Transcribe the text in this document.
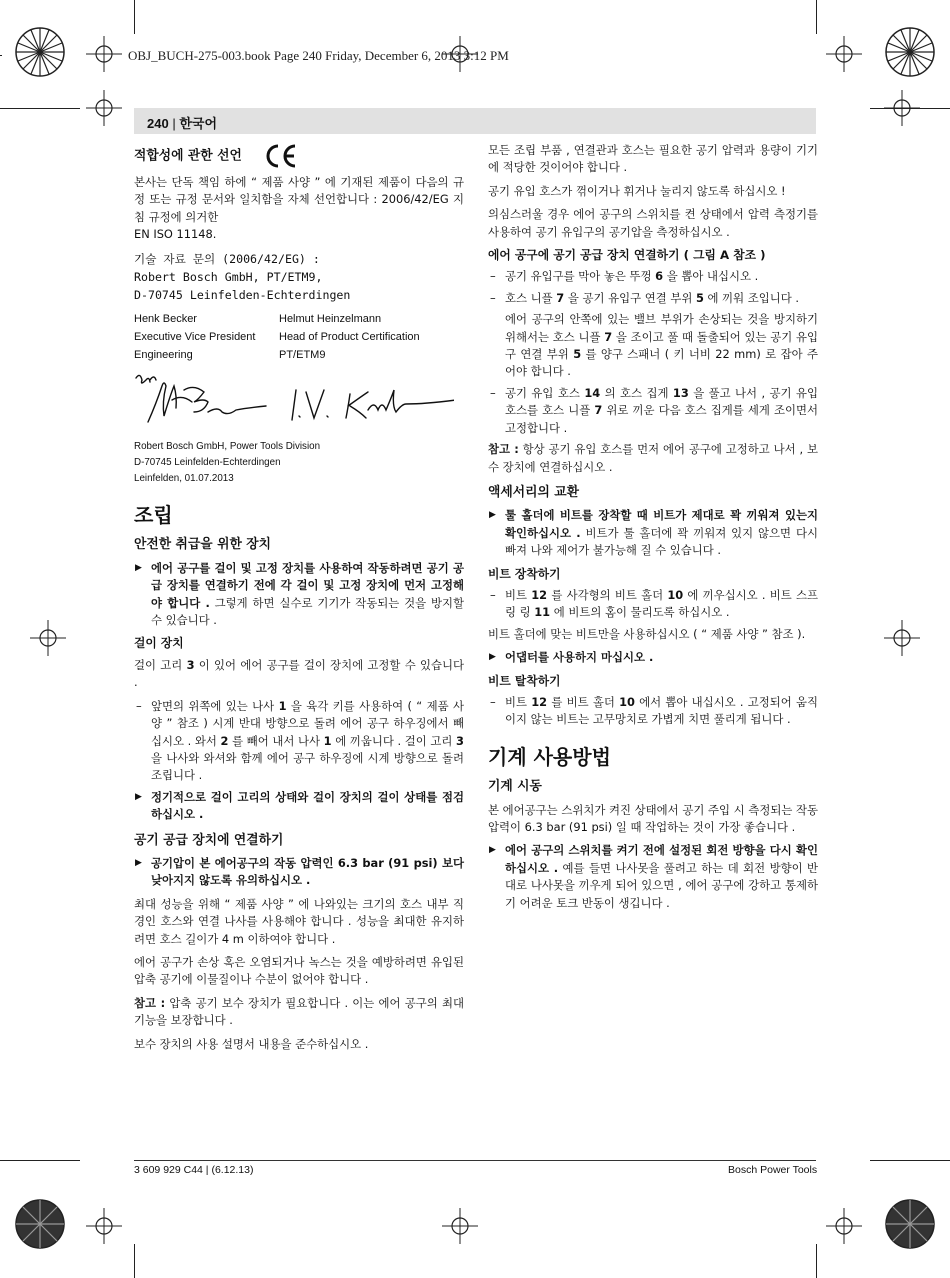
OBJ_BUCH-275-003.book Page 240 Friday, December 6, 2013 3:12 PM
240 | 한국어
적합성에 관한 선언

본사는 단독 책임 하에 “ 제품 사양 ” 에 기재된 제품이 다음의 규정 또는 규정 문서와 일치함을 자체 선언합니다 : 2006/42/EG 지침 규정에 의거한

EN ISO 11148.

기술 자료 문의 (2006/42/EG) :
Robert Bosch GmbH, PT/ETM9,
D-70745 Leinfelden-Echterdingen
Henk Becker
Executive Vice President
Engineering
Helmut Heinzelmann
Head of Product Certification
PT/ETM9
Robert Bosch GmbH, Power Tools Division
D-70745 Leinfelden-Echterdingen
Leinfelden, 01.07.2013
조립
안전한 취급을 위한 장치
▶ 에어 공구를 걸이 및 고정 장치를 사용하여 작동하려면 공기 공급 장치를 연결하기 전에 각 걸이 및 고정 장치에 먼저 고정해야 합니다 . 그렇게 하면 실수로 기기가 작동되는 것을 방지할 수 있습니다 .
걸이 장치

걸이 고리 3 이 있어 에어 공구를 걸이 장치에 고정할 수 있습니다 .

– 앞면의 위쪽에 있는 나사 1 을 육각 키를 사용하여 ( “ 제품 사양 ” 참조 ) 시계 반대 방향으로 돌려 에어 공구 하우징에서 빼십시오 . 와서 2 를 빼어 내서 나사 1 에 끼웁니다 . 걸이 고리 3 을 나사와 와셔와 함께 에어 공구 하우징에 시계 방향으로 돌려 조립니다 .
▶ 정기적으로 걸이 고리의 상태와 걸이 장치의 걸이 상태를 점검하십시오 .
공기 공급 장치에 연결하기
▶ 공기압이 본 에어공구의 작동 압력인 6.3 bar (91 psi) 보다 낮아지지 않도록 유의하십시오 .

최대 성능을 위해 “ 제품 사양 ” 에 나와있는 크기의 호스 내부 직경인 호스와 연결 나사를 사용해야 합니다 . 성능을 최대한 유지하려면 호스 길이가 4 m 이하여야 합니다 .

에어 공구가 손상 혹은 오염되거나 녹스는 것을 예방하려면 유입된 압축 공기에 이물질이나 수분이 없어야 합니다 .

참고 : 압축 공기 보수 장치가 필요합니다 . 이는 에어 공구의 최대 기능을 보장합니다 .

보수 장치의 사용 설명서 내용을 준수하십시오 .

모든 조립 부품 , 연결관과 호스는 필요한 공기 압력과 용량이 기기에 적당한 것이어야 합니다 .

공기 유입 호스가 꺾이거나 휘거나 눌리지 않도록 하십시오 !

의심스러울 경우 에어 공구의 스위치를 켠 상태에서 압력 측정기를 사용하여 공기 유입구의 공기압을 측정하십시오 .

에어 공구에 공기 공급 장치 연결하기 ( 그림 A 참조 )
– 공기 유입구를 막아 놓은 뚜껑 6 을 뽑아 내십시오 .
– 호스 니플 7 을 공기 유입구 연결 부위 5 에 끼워 조입니다 .
에어 공구의 안쪽에 있는 밸브 부위가 손상되는 것을 방지하기 위해서는 호스 니플 7 을 조이고 풀 때 돌출되어 있는 공기 유입구 연결 부위 5 를 양구 스패너 ( 키 너비 22 mm) 로 잡아 주어야 합니다 .
– 공기 유입 호스 14 의 호스 집게 13 을 풀고 나서 , 공기 유입 호스를 호스 니플 7 위로 끼운 다음 호스 집게를 세게 조이면서 고정합니다 .

참고 : 항상 공기 유입 호스를 먼저 에어 공구에 고정하고 나서 , 보수 장치에 연결하십시오 .

액세서리의 교환
▶ 툴 홀더에 비트를 장착할 때 비트가 제대로 꽉 끼워져 있는지 확인하십시오 . 비트가 툴 홀더에 꽉 끼워져 있지 않으면 다시 빠져 나와 제어가 불가능해 질 수 있습니다 .
비트 장착하기
– 비트 12 를 사각형의 비트 홀더 10 에 끼우십시오 . 비트 스프링 링 11 에 비트의 홈이 물리도록 하십시오 .

비트 홀더에 맞는 비트만을 사용하십시오 ( “ 제품 사양 ” 참조 ).

▶ 어댑터를 사용하지 마십시오 .
비트 탈착하기
– 비트 12 를 비트 홀더 10 에서 뽑아 내십시오 . 고정되어 움직이지 않는 비트는 고무망치로 가볍게 치면 풀리게 됩니다 .
기계 사용방법
기계 시동

본 에어공구는 스위치가 켜진 상태에서 공기 주입 시 측정되는 작동 압력이 6.3 bar (91 psi) 일 때 작업하는 것이 가장 좋습니다 .

▶ 에어 공구의 스위치를 켜기 전에 설정된 회전 방향을 다시 확인하십시오 . 예를 들면 나사못을 풀려고 하는 데 회전 방향이 반대로 나사못을 끼우게 되어 있으면 , 에어 공구에 강하고 통제하기 어려운 토크 반동이 생깁니다 .
3 609 929 C44 | (6.12.13)	Bosch Power Tools
